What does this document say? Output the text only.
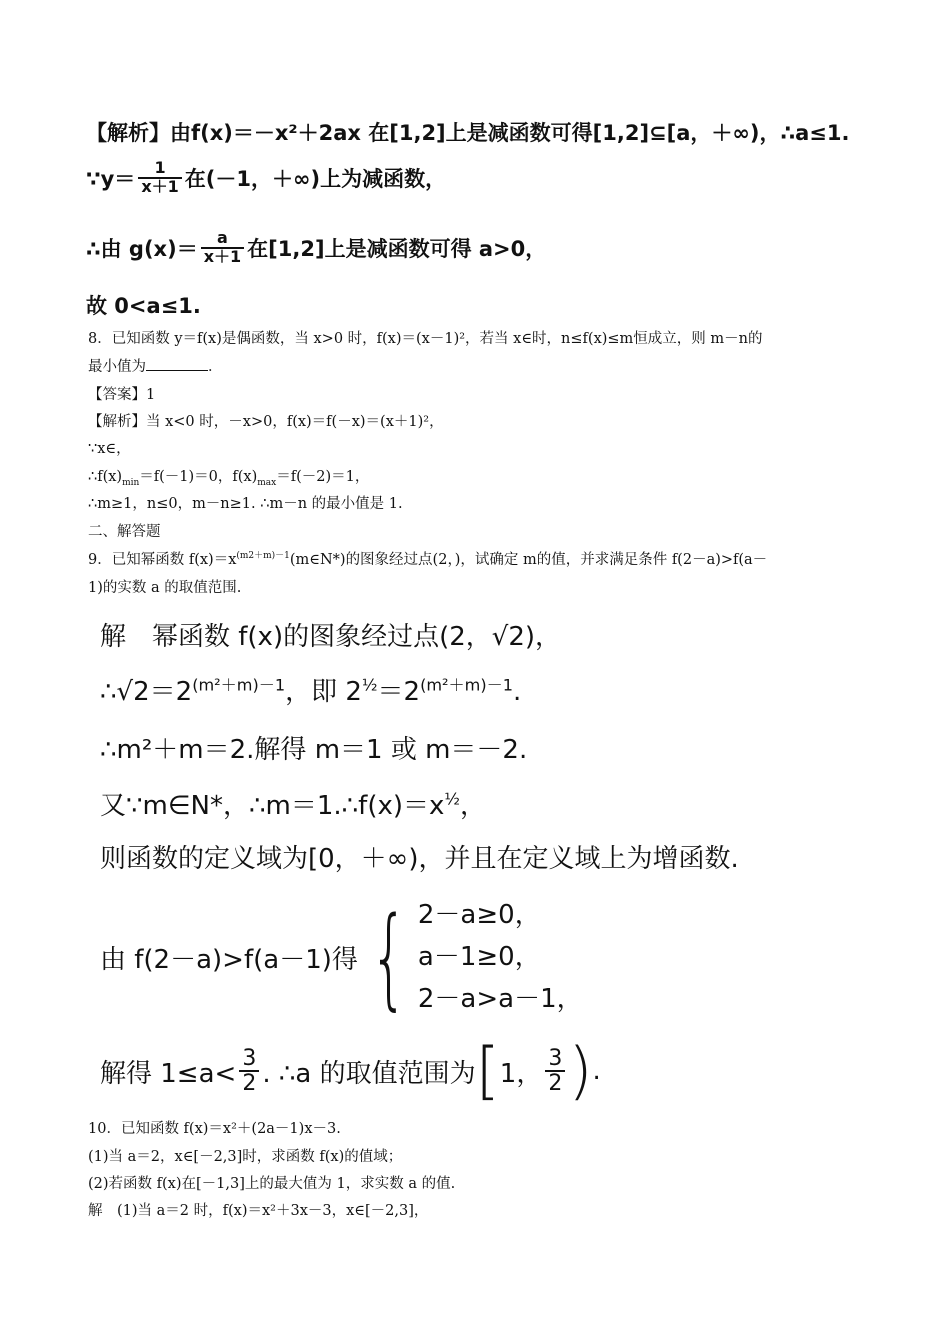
【解析】由f(x)＝－x²＋2ax 在[1,2]上是减函数可得[1,2]⊆[a，＋∞)，∴a≤1.
∵y＝ $\frac{1}{x+1}$ 在(－1，＋∞)上为减函数，
∴由 $g(x)= \frac{a}{x+1}$ 在[1,2]上是减函数可得 a>0，
故 0<a≤1.
8．已知函数 y＝f(x)是偶函数，当 x>0 时，f(x)＝(x－1)²，若当 x∈时，n≤f(x)≤m恒成立，则 m－n的
最小值为	．
【答案】1
【解析】当 x<0 时，－x>0，f(x)＝f(－x)＝(x＋1)²，
∵x∈，
$\therefore f(x)_{min}=f(-1)=0$，$f(x)_{max}=f(-2)=1$，
∴m≥1，n≤0，m－n≥1. ∴m－n 的最小值是 1.
二、解答题
9．已知幂函数 $f(x)=x^{(m2+m)-1}(m\in N*)$的图象经过点(2，)，试确定 m的值，并求满足条件 f(2－a)>f(a－
1)的实数 a 的取值范围.
解　幂函数 f(x)的图象经过点(2，√2)，
$\therefore√2=2^{(m^2+m)-1}$，即 $2^{\frac{1}{2}}=2^{(m^2+m)-1}$.
∴m²＋m＝2.解得 m＝1 或 m＝－2.
又∵m∈N*，$\therefore m=1.\therefore f(x)=x^{\frac{1}{2}}$，
则函数的定义域为[0，＋∞)，并且在定义域上为增函数.
由 f(2－a)>f(a－1)得 { 2－a≥0，
a－1≥0，
2－a>a－1，
解得 $1\le a< \frac{3}{2}$ . ∴a 的取值范围为 [ 1， $\frac{3}{2}$ ) .
10．已知函数 f(x)＝x²＋(2a－1)x－3.
(1)当 a＝2，x∈[－2,3]时，求函数 f(x)的值域；
(2)若函数 f(x)在[－1,3]上的最大值为 1，求实数 a 的值.
解　(1)当 a＝2 时，f(x)＝x²＋3x－3，x∈[－2,3]，
